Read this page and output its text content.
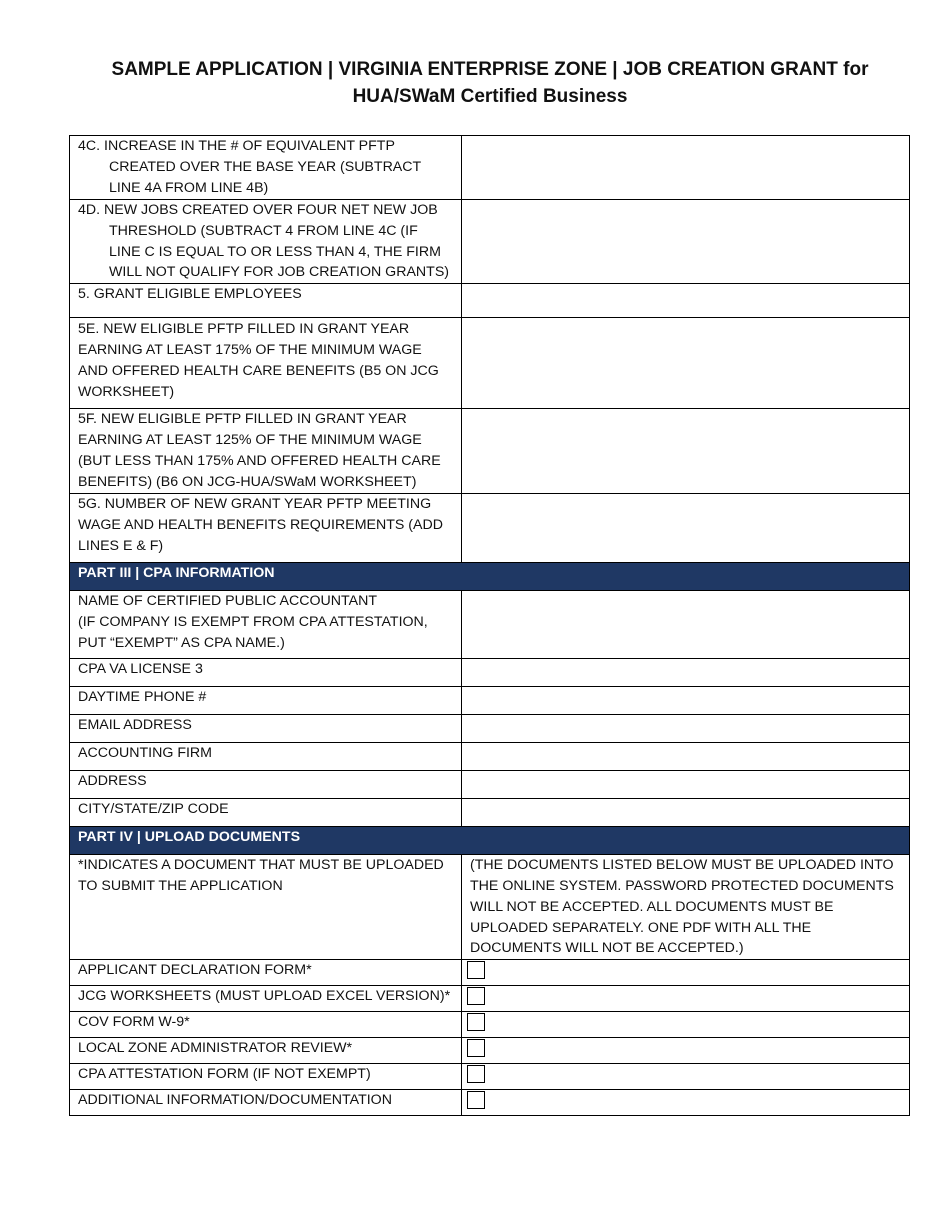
SAMPLE APPLICATION | VIRGINIA ENTERPRISE ZONE | JOB CREATION GRANT for
HUA/SWaM Certified Business
4C. INCREASE IN THE # OF EQUIVALENT PFTP CREATED OVER THE BASE YEAR (SUBTRACT LINE 4A FROM LINE 4B)	

4D. NEW JOBS CREATED OVER FOUR NET NEW JOB THRESHOLD (SUBTRACT 4 FROM LINE 4C (IF LINE C IS EQUAL TO OR LESS THAN 4, THE FIRM WILL NOT QUALIFY FOR JOB CREATION GRANTS)	

5. GRANT ELIGIBLE EMPLOYEES	
5E. NEW ELIGIBLE PFTP FILLED IN GRANT YEAR EARNING AT LEAST 175% OF THE MINIMUM WAGE AND OFFERED HEALTH CARE BENEFITS (B5 ON JCG WORKSHEET)	
5F. NEW ELIGIBLE PFTP FILLED IN GRANT YEAR EARNING AT LEAST 125% OF THE MINIMUM WAGE (BUT LESS THAN 175% AND OFFERED HEALTH CARE BENEFITS) (B6 ON JCG-HUA/SWaM WORKSHEET)	
5G. NUMBER OF NEW GRANT YEAR PFTP MEETING WAGE AND HEALTH BENEFITS REQUIREMENTS (ADD LINES E & F)	
PART III | CPA INFORMATION	
NAME OF CERTIFIED PUBLIC ACCOUNTANT
(IF COMPANY IS EXEMPT FROM CPA ATTESTATION, PUT “EXEMPT” AS CPA NAME.)	
CPA VA LICENSE 3	
DAYTIME PHONE #	
EMAIL ADDRESS	
ACCOUNTING FIRM	
ADDRESS	
CITY/STATE/ZIP CODE	
PART IV | UPLOAD DOCUMENTS	
*INDICATES A DOCUMENT THAT MUST BE UPLOADED TO SUBMIT THE APPLICATION	(THE DOCUMENTS LISTED BELOW MUST BE UPLOADED INTO THE ONLINE SYSTEM. PASSWORD PROTECTED DOCUMENTS WILL NOT BE ACCEPTED. ALL DOCUMENTS MUST BE UPLOADED SEPARATELY. ONE PDF WITH ALL THE DOCUMENTS WILL NOT BE ACCEPTED.)
APPLICANT DECLARATION FORM*	
JCG WORKSHEETS (MUST UPLOAD EXCEL VERSION)*	
COV FORM W-9*	
LOCAL ZONE ADMINISTRATOR REVIEW*	
CPA ATTESTATION FORM (IF NOT EXEMPT)	
ADDITIONAL INFORMATION/DOCUMENTATION	
